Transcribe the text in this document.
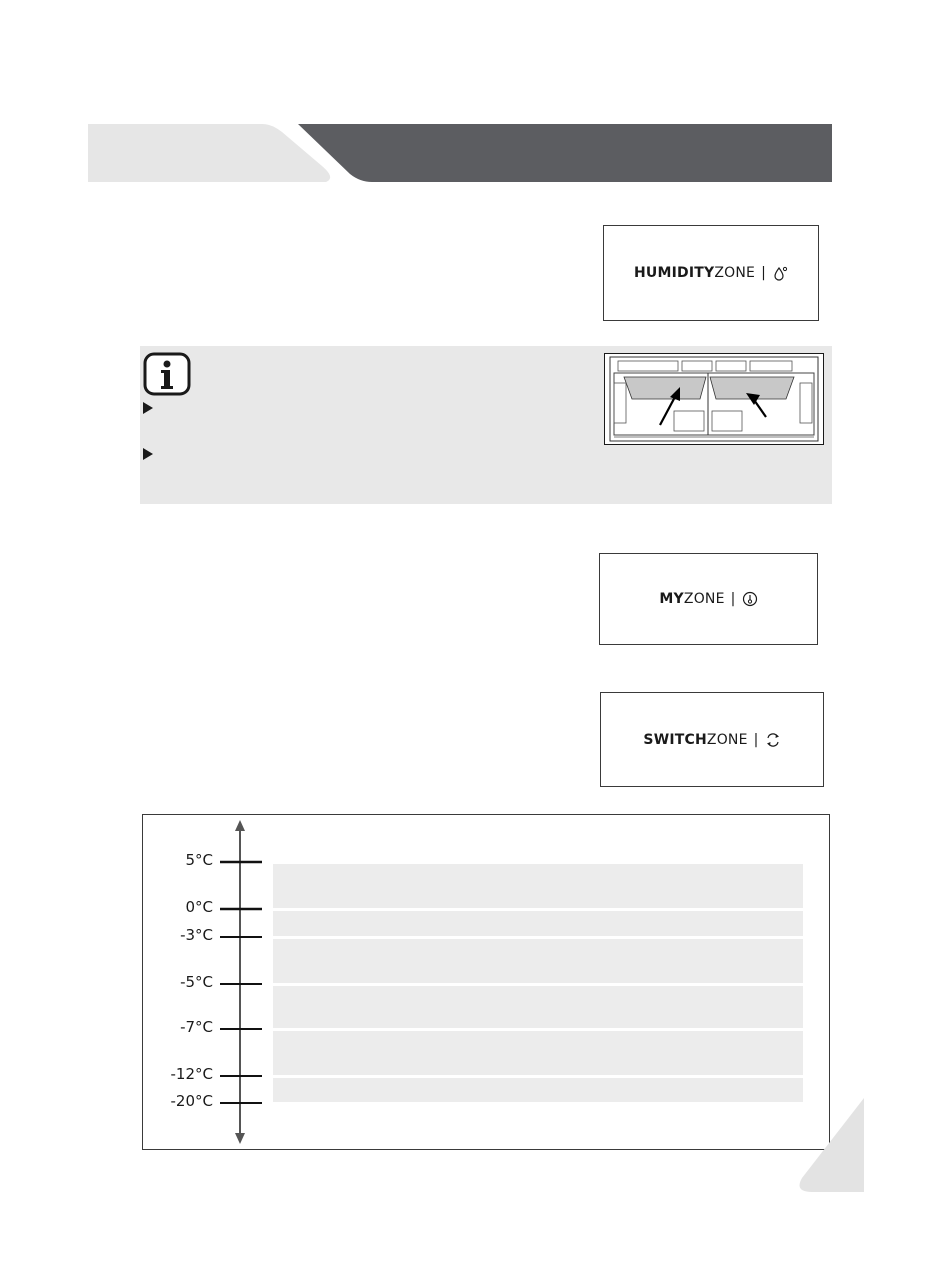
HUMIDITY ZONE |
MY ZONE |
SWITCH ZONE |
5°C
0°C
-3°C
-5°C
-7°C
-12°C
-20°C
